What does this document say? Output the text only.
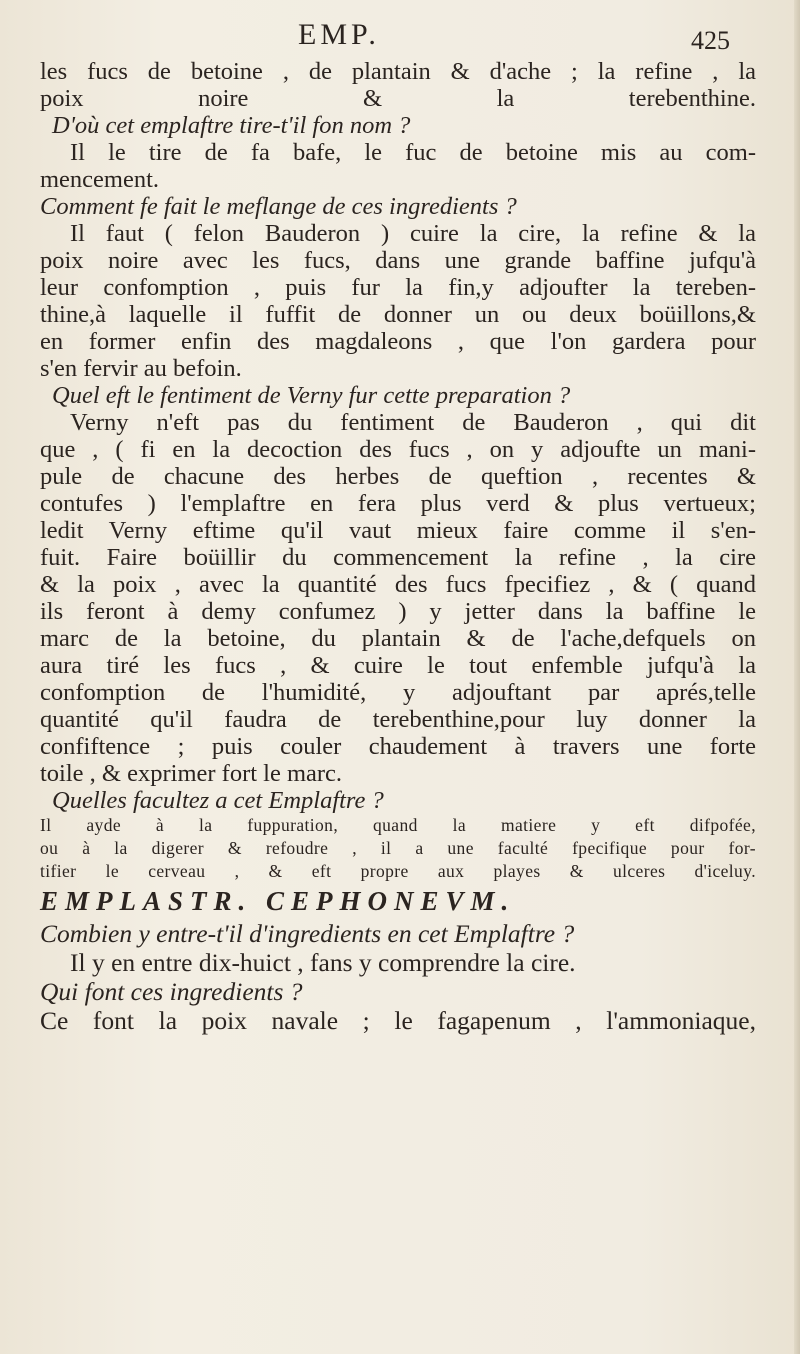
EMP.	425
les fucs de betoine , de plantain & d'ache ; la refine , la
poix noire & la terebenthine.
D'où cet emplaftre tire-t'il fon nom ?
Il le tire de fa bafe, le fuc de betoine mis au com-
mencement.
Comment fe fait le meflange de ces ingredients ?
Il faut ( felon Bauderon ) cuire la cire, la refine & la
poix noire avec les fucs, dans une grande baffine jufqu'à
leur confomption , puis fur la fin,y adjoufter la tereben-
thine,à laquelle il fuffit de donner un ou deux boüillons,&
en former enfin des magdaleons , que l'on gardera pour
s'en fervir au befoin.
Quel eft le fentiment de Verny fur cette preparation ?
Verny n'eft pas du fentiment de Bauderon , qui dit
que , ( fi en la decoction des fucs , on y adjoufte un mani-
pule de chacune des herbes de queftion , recentes &
contufes ) l'emplaftre en fera plus verd & plus vertueux;
ledit Verny eftime qu'il vaut mieux faire comme il s'en-
fuit. Faire boüillir du commencement la refine , la cire
& la poix , avec la quantité des fucs fpecifiez , & ( quand
ils feront à demy confumez ) y jetter dans la baffine le
marc de la betoine, du plantain & de l'ache,defquels on
aura tiré les fucs , & cuire le tout enfemble jufqu'à la
confomption de l'humidité, y adjouftant par aprés,telle
quantité qu'il faudra de terebenthine,pour luy donner la
confiftence ; puis couler chaudement à travers une forte
toile , & exprimer fort le marc.
Quelles facultez a cet Emplaftre ?
Il ayde à la fuppuration, quand la matiere y eft difpofée,
ou à la digerer & refoudre , il a une faculté fpecifique pour for-
tifier le cerveau , & eft propre aux playes & ulceres d'iceluy.
EMPLASTR. CEPHONEVM.
Combien y entre-t'il d'ingredients en cet Emplaftre ?
Il y en entre dix-huict , fans y comprendre la cire.
Qui font ces ingredients ?
Ce font la poix navale ; le fagapenum , l'ammoniaque,
